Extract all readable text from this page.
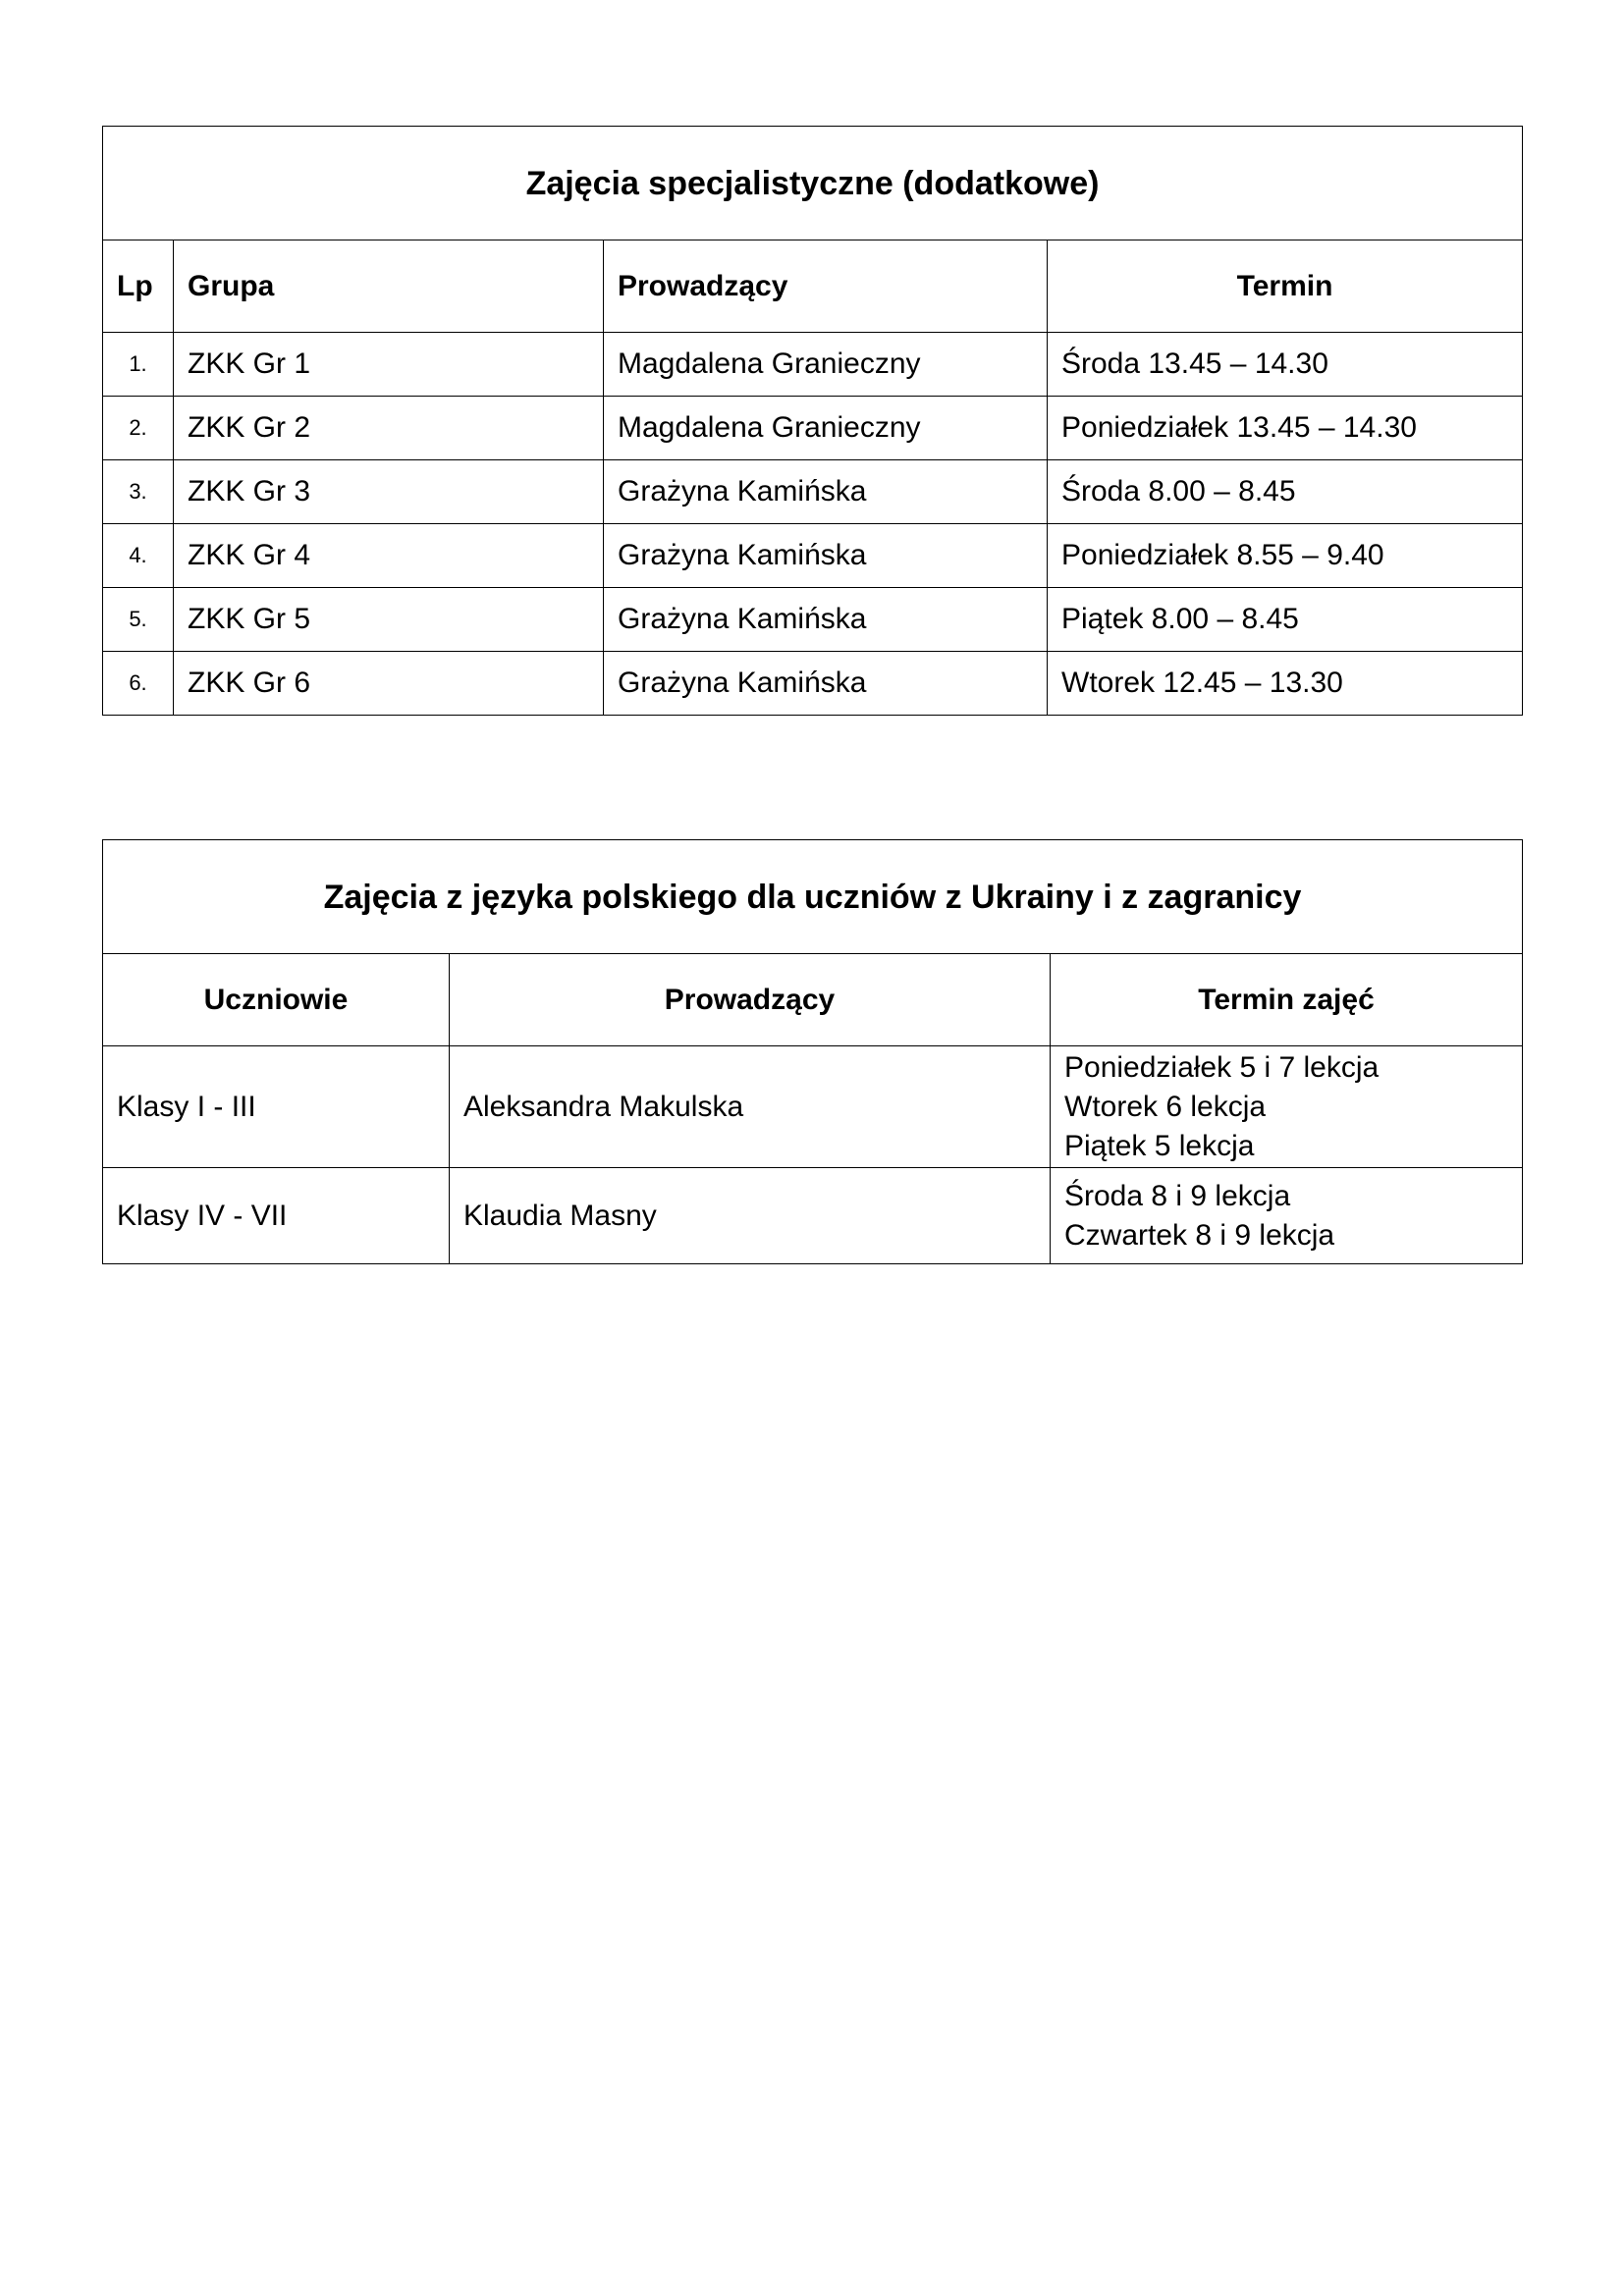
Zajęcia specjalistyczne (dodatkowe)			
Lp	Grupa	Prowadzący	Termin
1.	ZKK Gr 1	Magdalena Granieczny	Środa 13.45 – 14.30
2.	ZKK Gr 2	Magdalena Granieczny	Poniedziałek 13.45 – 14.30
3.	ZKK Gr 3	Grażyna Kamińska	Środa 8.00 – 8.45
4.	ZKK Gr 4	Grażyna Kamińska	Poniedziałek 8.55 – 9.40
5.	ZKK Gr 5	Grażyna Kamińska	Piątek 8.00 – 8.45
6.	ZKK Gr 6	Grażyna Kamińska	Wtorek 12.45 – 13.30
Zajęcia z języka polskiego dla uczniów z Ukrainy i z zagranicy		
Uczniowie	Prowadzący	Termin zajęć
Klasy I - III	Aleksandra Makulska	Poniedziałek 5 i 7 lekcja
Wtorek 6 lekcja
Piątek 5 lekcja

Klasy IV - VII	Klaudia Masny	Środa 8 i 9 lekcja
Czwartek 8 i 9 lekcja
